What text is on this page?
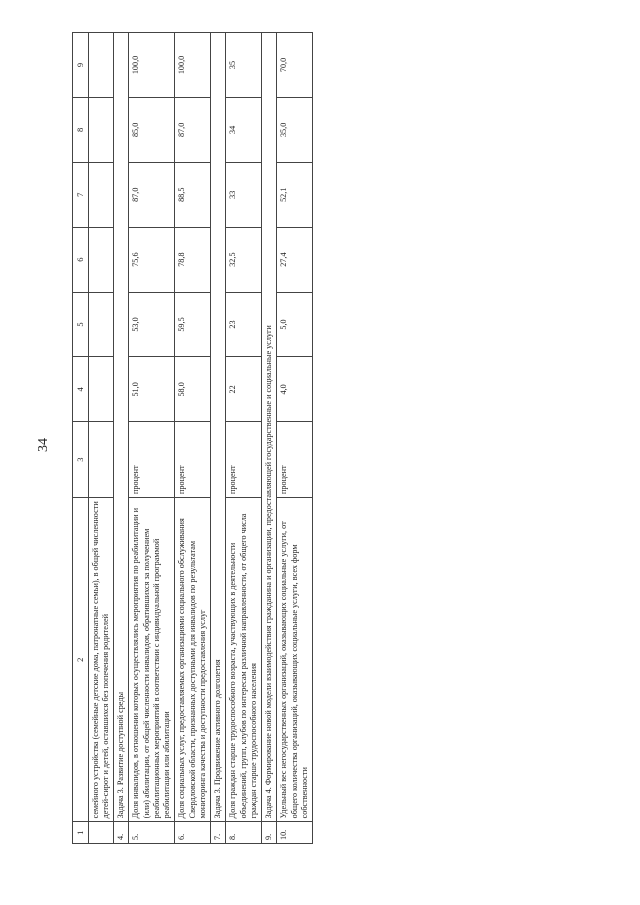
34
1	2	3	4	5	6	7	8	9
	семейного устройства (семейные детские дома, патронатные семьи), в общей численности детей-сирот и детей, оставшихся без попечения родителей							
4.	Задача 3. Развитие доступной среды							
5.	Доля инвалидов, в отношении которых осуществлялись мероприятия по реабилитации и (или) абилитации, от общей численности инвалидов, обратившихся за получением реабилитационных мероприятий в соответствии с индивидуальной программой реабилитации или абилитации	процент	51,0	53,0	75,6	87,0	85,0	100,0
6.	Доля социальных услуг, предоставляемых организациями социального обслуживания Свердловской области, признанных доступными для инвалидов по результатам мониторинга качества и доступности предоставления услуг	процент	58,0	59,5	78,8	88,5	87,0	100,0
7.	Задача 3. Продвижение активного долголетия							
8.	Доля граждан старше трудоспособного возраста, участвующих в деятельности объединений, групп, клубов по интересам различной направленности, от общего числа граждан старше трудоспособного населения	процент	22	23	32,5	33	34	35
9.	Задача 4. Формирование новой модели взаимодействия гражданина и организации, предоставляющей государственные и социальные услуги							
10.	Удельный вес негосударственных организаций, оказывающих социальные услуги, от общего количества организаций, оказывающих социальные услуги, всех форм собственности	процент	4,0	5,0	27,4	52,1	35,0	70,0
